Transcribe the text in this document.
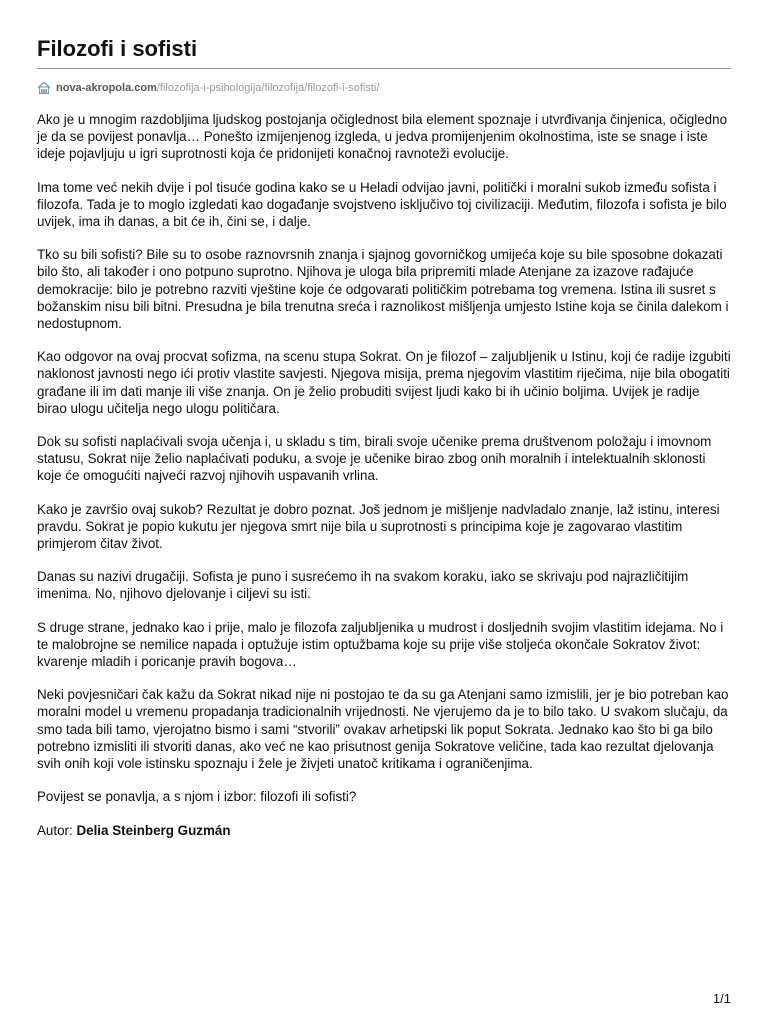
Filozofi i sofisti
nova-akropola.com /filozofija-i-psihologija/filozofija/filozofi-i-sofisti/

Ako je u mnogim razdobljima ljudskog postojanja očiglednost bila element spoznaje i utvrđivanja činjenica, očigledno je da se povijest ponavlja… Ponešto izmijenjenog izgleda, u jedva promijenjenim okolnostima, iste se snage i iste ideje pojavljuju u igri suprotnosti koja će pridonijeti konačnoj ravnoteži evolucije.

Ima tome već nekih dvije i pol tisuće godina kako se u Heladi odvijao javni, politički i moralni sukob između sofista i filozofa. Tada je to moglo izgledati kao događanje svojstveno isključivo toj civilizaciji. Međutim, filozofa i sofista je bilo uvijek, ima ih danas, a bit će ih, čini se, i dalje.

Tko su bili sofisti? Bile su to osobe raznovrsnih znanja i sjajnog govorničkog umijeća koje su bile sposobne dokazati bilo što, ali također i ono potpuno suprotno. Njihova je uloga bila pripremiti mlade Atenjane za izazove rađajuće demokracije: bilo je potrebno razviti vještine koje će odgovarati političkim potrebama tog vremena. Istina ili susret s božanskim nisu bili bitni. Presudna je bila trenutna sreća i raznolikost mišljenja umjesto Istine koja se činila dalekom i nedostupnom.

Kao odgovor na ovaj procvat sofizma, na scenu stupa Sokrat. On je filozof – zaljubljenik u Istinu, koji će radije izgubiti naklonost javnosti nego ići protiv vlastite savjesti. Njegova misija, prema njegovim vlastitim riječima, nije bila obogatiti građane ili im dati manje ili više znanja. On je želio probuditi svijest ljudi kako bi ih učinio boljima. Uvijek je radije birao ulogu učitelja nego ulogu političara.

Dok su sofisti naplaćivali svoja učenja i, u skladu s tim, birali svoje učenike prema društvenom položaju i imovnom statusu, Sokrat nije želio naplaćivati poduku, a svoje je učenike birao zbog onih moralnih i intelektualnih sklonosti koje će omogućiti najveći razvoj njihovih uspavanih vrlina.

Kako je završio ovaj sukob? Rezultat je dobro poznat. Još jednom je mišljenje nadvladalo znanje, laž istinu, interesi pravdu. Sokrat je popio kukutu jer njegova smrt nije bila u suprotnosti s principima koje je zagovarao vlastitim primjerom čitav život.

Danas su nazivi drugačiji. Sofista je puno i susrećemo ih na svakom koraku, iako se skrivaju pod najrazličitijim imenima. No, njihovo djelovanje i ciljevi su isti.

S druge strane, jednako kao i prije, malo je filozofa zaljubljenika u mudrost i dosljednih svojim vlastitim idejama. No i te malobrojne se nemilice napada i optužuje istim optužbama koje su prije više stoljeća okončale Sokratov život: kvarenje mladih i poricanje pravih bogova…

Neki povjesničari čak kažu da Sokrat nikad nije ni postojao te da su ga Atenjani samo izmislili, jer je bio potreban kao moralni model u vremenu propadanja tradicionalnih vrijednosti. Ne vjerujemo da je to bilo tako. U svakom slučaju, da smo tada bili tamo, vjerojatno bismo i sami “stvorili” ovakav arhetipski lik poput Sokrata. Jednako kao što bi ga bilo potrebno izmisliti ili stvoriti danas, ako već ne kao prisutnost genija Sokratove veličine, tada kao rezultat djelovanja svih onih koji vole istinsku spoznaju i žele je živjeti unatoč kritikama i ograničenjima.

Povijest se ponavlja, a s njom i izbor: filozofi ili sofisti?

Autor: Delia Steinberg Guzmán

1/1
